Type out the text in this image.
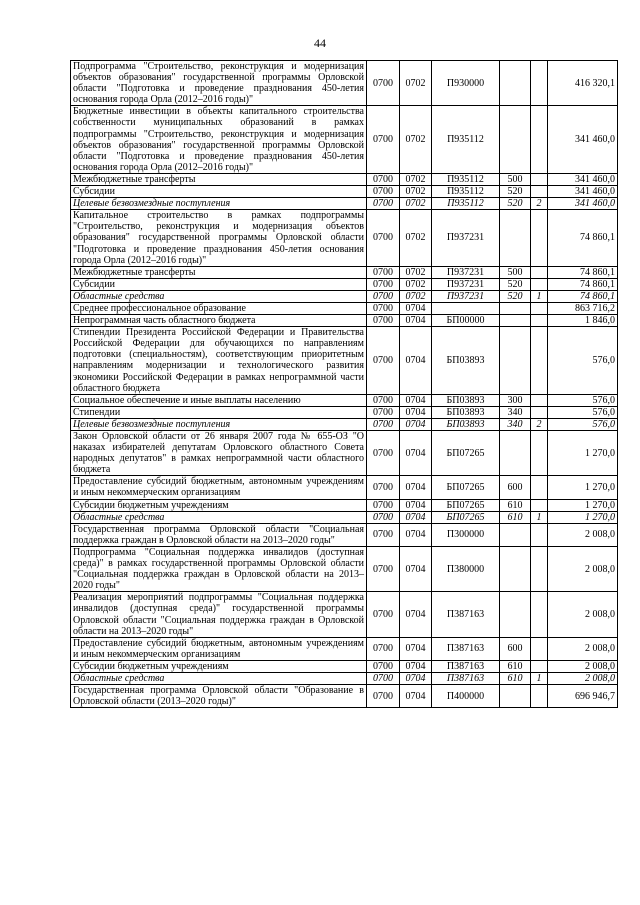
44
Подпрограмма "Строительство, реконструкция и модернизация объектов образования" государственной программы Орловской области "Подготовка и проведение празднования 450-летия основания города Орла (2012–2016 годы)"	0700	0702	П930000			416 320,1
Бюджетные инвестиции в объекты капитального строительства собственности муниципальных образований в рамках подпрограммы "Строительство, реконструкция и модернизация объектов образования" государственной программы Орловской области "Подготовка и проведение празднования 450-летия основания города Орла (2012–2016 годы)"	0700	0702	П935112			341 460,0
Межбюджетные трансферты	0700	0702	П935112	500		341 460,0
Субсидии	0700	0702	П935112	520		341 460,0
Целевые безвозмездные поступления	0700	0702	П935112	520	2	341 460,0
Капитальное строительство в рамках подпрограммы "Строительство, реконструкция и модернизация объектов образования" государственной программы Орловской области "Подготовка и проведение празднования 450-летия основания города Орла (2012–2016 годы)"	0700	0702	П937231			74 860,1
Межбюджетные трансферты	0700	0702	П937231	500		74 860,1
Субсидии	0700	0702	П937231	520		74 860,1
Областные средства	0700	0702	П937231	520	1	74 860,1
Среднее профессиональное образование	0700	0704				863 716,2
Непрограммная часть областного бюджета	0700	0704	БП00000			1 846,0
Стипендии Президента Российской Федерации и Правительства Российской Федерации для обучающихся по направлениям подготовки (специальностям), соответствующим приоритетным направлениям модернизации и технологического развития экономики Российской Федерации в рамках непрограммной части областного бюджета	0700	0704	БП03893			576,0
Социальное обеспечение и иные выплаты населению	0700	0704	БП03893	300		576,0
Стипендии	0700	0704	БП03893	340		576,0
Целевые безвозмездные поступления	0700	0704	БП03893	340	2	576,0
Закон Орловской области от 26 января 2007 года № 655-ОЗ "О наказах избирателей депутатам Орловского областного Совета народных депутатов" в рамках непрограммной части областного бюджета	0700	0704	БП07265			1 270,0
Предоставление субсидий бюджетным, автономным учреждениям и иным некоммерческим организациям	0700	0704	БП07265	600		1 270,0
Субсидии бюджетным учреждениям	0700	0704	БП07265	610		1 270,0
Областные средства	0700	0704	БП07265	610	1	1 270,0
Государственная программа Орловской области "Социальная поддержка граждан в Орловской области на 2013–2020 годы"	0700	0704	П300000			2 008,0
Подпрограмма "Социальная поддержка инвалидов (доступная среда)" в рамках государственной программы Орловской области "Социальная поддержка граждан в Орловской области на 2013–2020 годы"	0700	0704	П380000			2 008,0
Реализация мероприятий подпрограммы "Социальная поддержка инвалидов (доступная среда)" государственной программы Орловской области "Социальная поддержка граждан в Орловской области на 2013–2020 годы"	0700	0704	П387163			2 008,0
Предоставление субсидий бюджетным, автономным учреждениям и иным некоммерческим организациям	0700	0704	П387163	600		2 008,0
Субсидии бюджетным учреждениям	0700	0704	П387163	610		2 008,0
Областные средства	0700	0704	П387163	610	1	2 008,0
Государственная программа Орловской области "Образование в Орловской области (2013–2020 годы)"	0700	0704	П400000			696 946,7
